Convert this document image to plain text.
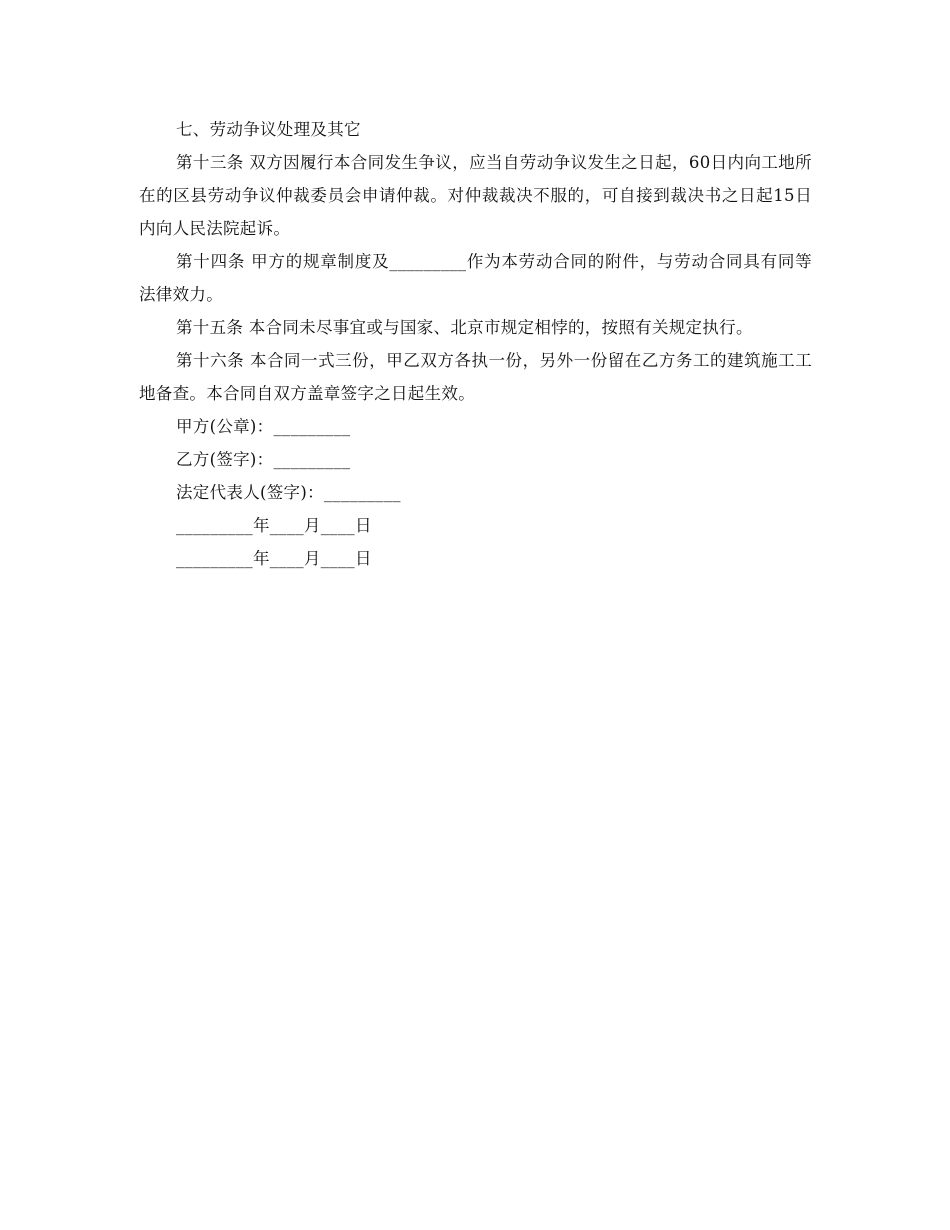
七、劳动争议处理及其它
第十三条 双方因履行本合同发生争议，应当自劳动争议发生之日起，60日内向工地所在的区县劳动争议仲裁委员会申请仲裁。对仲裁裁决不服的，可自接到裁决书之日起15日内向人民法院起诉。
第十四条 甲方的规章制度及_________作为本劳动合同的附件，与劳动合同具有同等法律效力。
第十五条 本合同未尽事宜或与国家、北京市规定相悖的，按照有关规定执行。
第十六条 本合同一式三份，甲乙双方各执一份，另外一份留在乙方务工的建筑施工工地备查。本合同自双方盖章签字之日起生效。
甲方(公章)：_________
乙方(签字)：_________
法定代表人(签字)：_________
_________年____月____日
_________年____月____日
